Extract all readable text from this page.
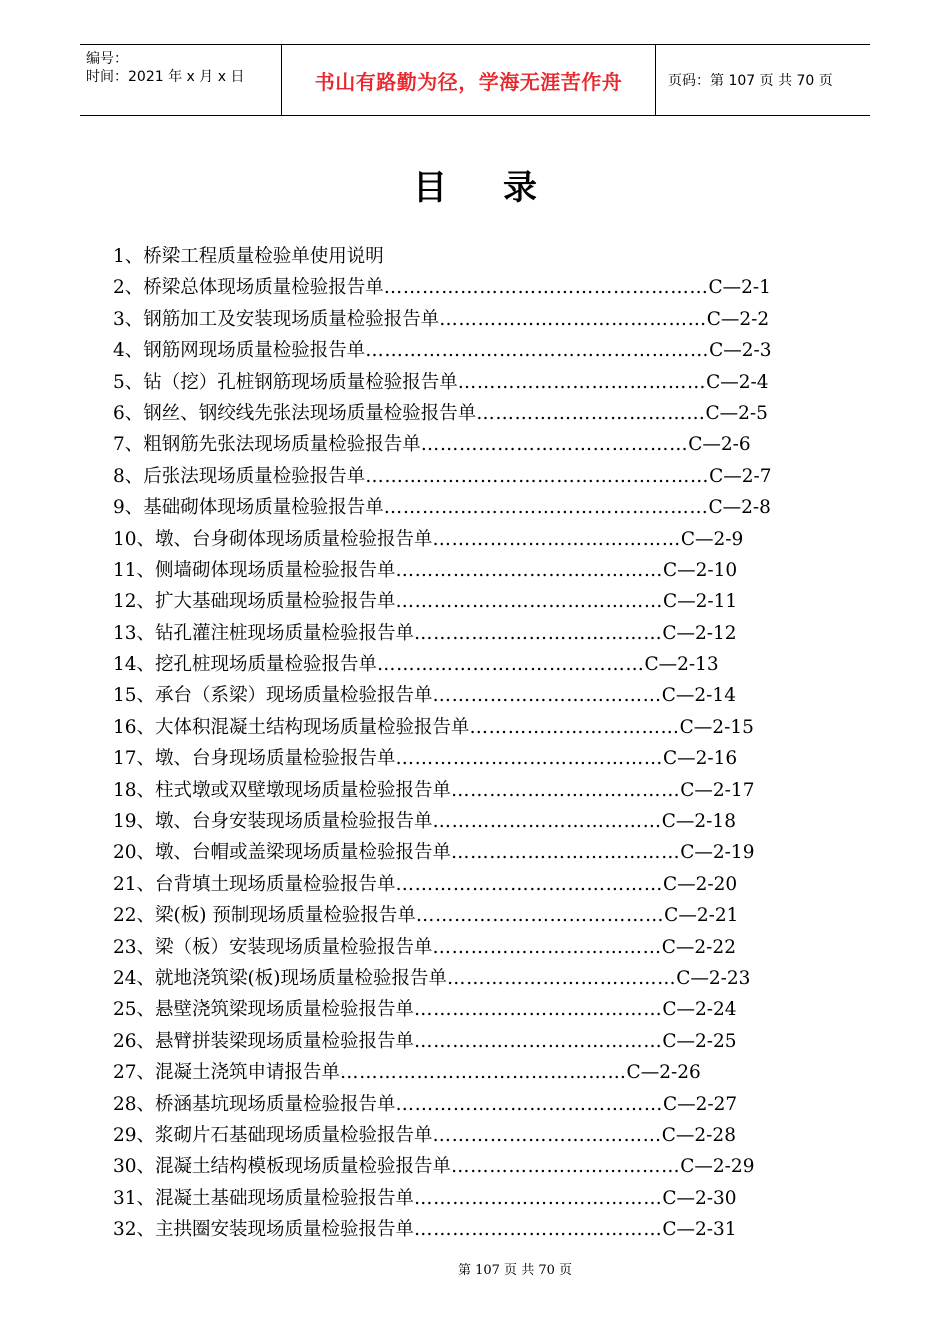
编号：
时间：2021 年 x 月 x 日	书山有路勤为径，学海无涯苦作舟	页码：第 107 页 共 70 页
目录
1、桥梁工程质量检验单使用说明
2、桥梁总体现场质量检验报告单 …………………………………………… C—2-1
3、钢筋加工及安装现场质量检验报告单 …………………………………… C—2-2
4、钢筋网现场质量检验报告单 ……………………………………………… C—2-3
5、钻（挖）孔桩钢筋现场质量检验报告单 ………………………………… C—2-4
6、钢丝、钢绞线先张法现场质量检验报告单 ……………………………… C—2-5
7、粗钢筋先张法现场质量检验报告单 …………………………………… C—2-6
8、后张法现场质量检验报告单 ……………………………………………… C—2-7
9、基础砌体现场质量检验报告单 …………………………………………… C—2-8
10、墩、台身砌体现场质量检验报告单 ………………………………… C—2-9
11、侧墙砌体现场质量检验报告单 …………………………………… C—2-10
12、扩大基础现场质量检验报告单 …………………………………… C—2-11
13、钻孔灌注桩现场质量检验报告单 ………………………………… C—2-12
14、挖孔桩现场质量检验报告单 …………………………………… C—2-13
15、承台（系梁）现场质量检验报告单 ……………………………… C—2-14
16、大体积混凝土结构现场质量检验报告单 …………………………… C—2-15
17、墩、台身现场质量检验报告单 …………………………………… C—2-16
18、柱式墩或双壁墩现场质量检验报告单 ……………………………… C—2-17
19、墩、台身安装现场质量检验报告单 ……………………………… C—2-18
20、墩、台帽或盖梁现场质量检验报告单 ……………………………… C—2-19
21、台背填土现场质量检验报告单 …………………………………… C—2-20
22、梁(板) 预制现场质量检验报告单 ………………………………… C—2-21
23、梁（板）安装现场质量检验报告单 ……………………………… C—2-22
24、就地浇筑梁(板)现场质量检验报告单 ……………………………… C—2-23
25、悬壁浇筑梁现场质量检验报告单 ………………………………… C—2-24
26、悬臂拼装梁现场质量检验报告单 ………………………………… C—2-25
27、混凝土浇筑申请报告单 ……………………………………… C—2-26
28、桥涵基坑现场质量检验报告单 …………………………………… C—2-27
29、浆砌片石基础现场质量检验报告单 ……………………………… C—2-28
30、混凝土结构模板现场质量检验报告单 ……………………………… C—2-29
31、混凝土基础现场质量检验报告单 ………………………………… C—2-30
32、主拱圈安装现场质量检验报告单 ………………………………… C—2-31
第 107 页 共 70 页
